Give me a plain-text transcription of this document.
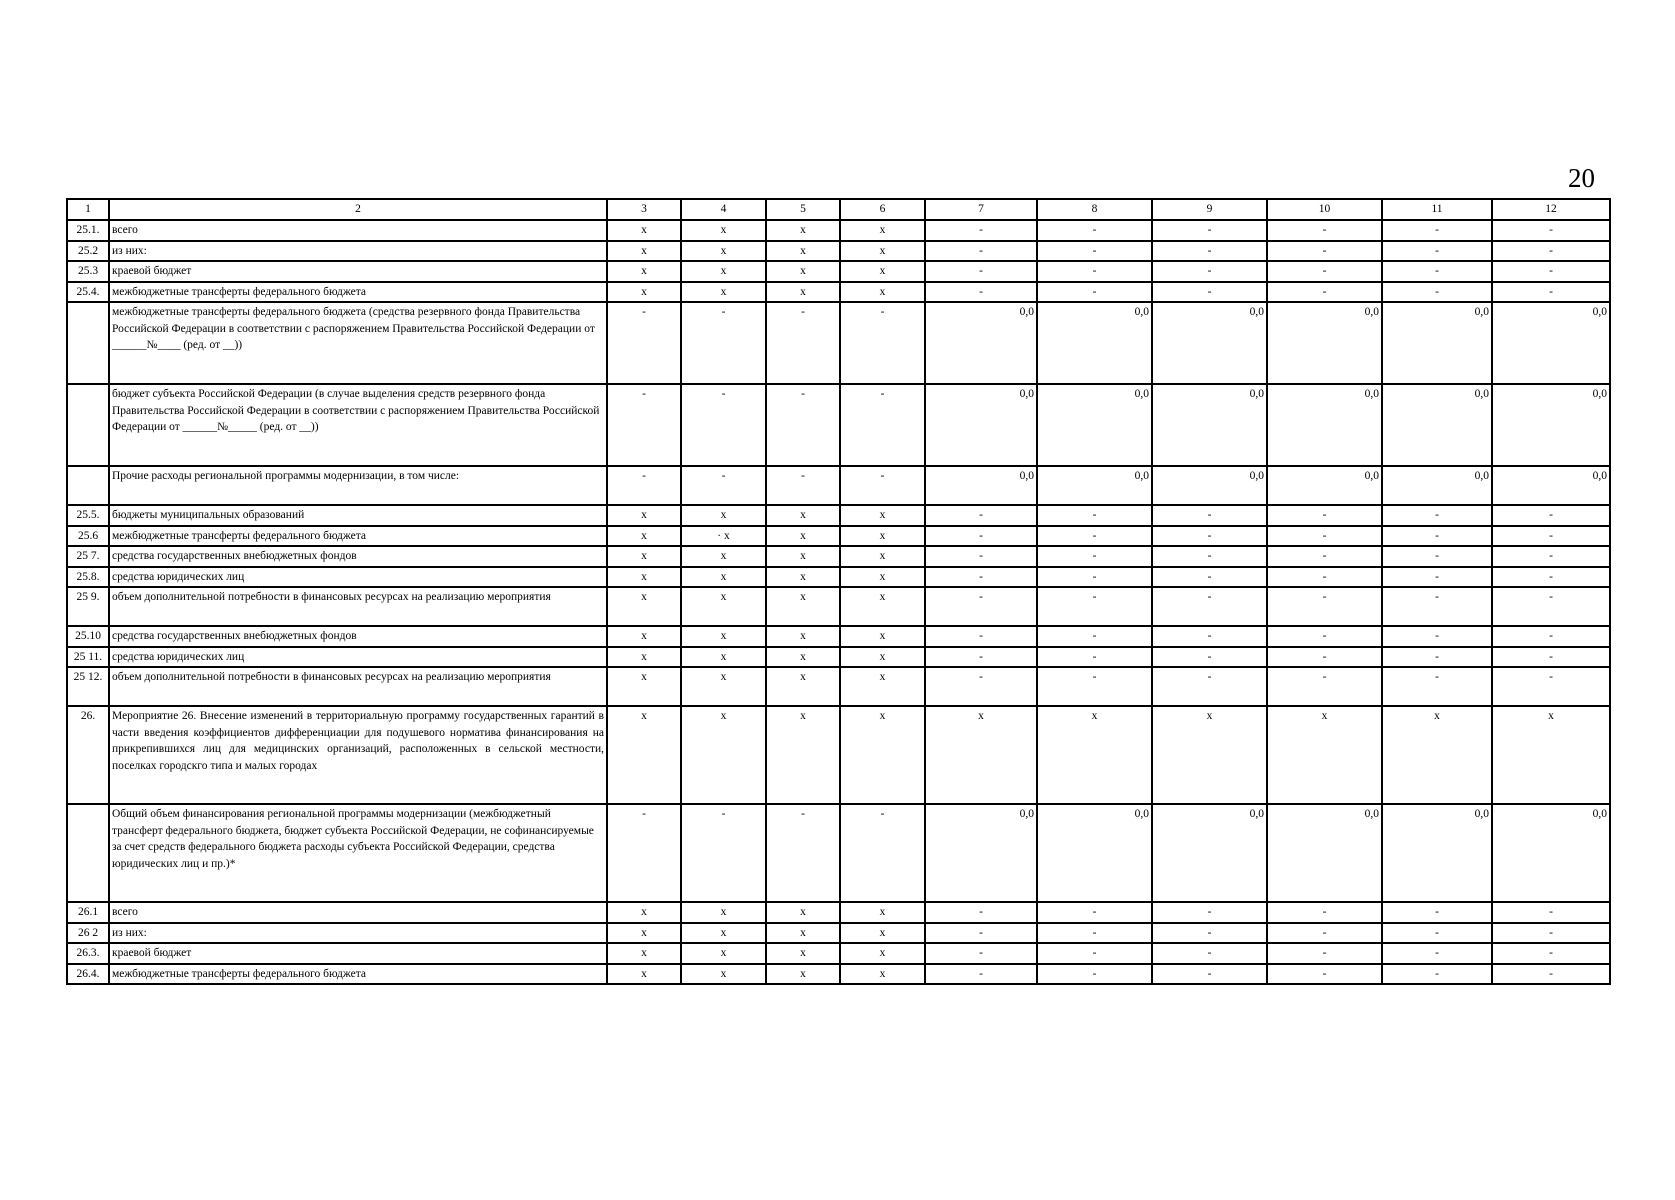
20
1	2	3	4	5	6	7	8	9	10	11	12
25.1.	всего	x	x	x	x	-	-	-	-	-	-
25.2	из них:	x	x	x	x	-	-	-	-	-	-
25.3	краевой бюджет	x	x	x	x	-	-	-	-	-	-
25.4.	межбюджетные трансферты федерального бюджета	x	x	x	x	-	-	-	-	-	-
	межбюджетные трансферты федерального бюджета (средства резервного фонда Правительства Российской Федерации в соответствии с распоряжением Правительства Российской Федерации от ______№____ (ред. от __))	-	-	-	-	0,0	0,0	0,0	0,0	0,0	0,0
	бюджет субъекта Российской Федерации (в случае выделения средств резервного фонда Правительства Российской Федерации в соответствии с распоряжением Правительства Российской Федерации от ______№_____ (ред. от __))	-	-	-	-	0,0	0,0	0,0	0,0	0,0	0,0
	Прочие расходы региональной программы модернизации, в том числе:	-	-	-	-	0,0	0,0	0,0	0,0	0,0	0,0
25.5.	бюджеты муниципальных образований	x	x	x	x	-	-	-	-	-	-
25.6	межбюджетные трансферты федерального бюджета	x	· x	x	x	-	-	-	-	-	-
25 7.	средства государственных внебюджетных фондов	x	x	x	x	-	-	-	-	-	-
25.8.	средства юридических лиц	x	x	x	x	-	-	-	-	-	-
25 9.	объем дополнительной потребности в финансовых ресурсах на реализацию мероприятия	x	x	x	x	-	-	-	-	-	-
25.10	средства государственных внебюджетных фондов	x	x	x	x	-	-	-	-	-	-
25 11.	средства юридических лиц	x	x	x	x	-	-	-	-	-	-
25 12.	объем дополнительной потребности в финансовых ресурсах на реализацию мероприятия	x	x	x	x	-	-	-	-	-	-
26.	Мероприятие 26. Внесение изменений в территориальную программу государственных гарантий в части введения коэффициентов дифференциации для подушевого норматива финансирования на прикрепившихся лиц для медицинских организаций, расположенных в сельской местности, поселках городскго типа и малых городах	x	x	x	x	x	x	x	x	x	x
	Общий объем финансирования региональной программы модернизации (межбюджетный трансферт федерального бюджета, бюджет субъекта Российской Федерации, не софинансируемые за счет средств федерального бюджета расходы субъекта Российской Федерации, средства юридических лиц и пр.)*	-	-	-	-	0,0	0,0	0,0	0,0	0,0	0,0
26.1	всего	x	x	x	x	-	-	-	-	-	-
26 2	из них:	x	x	x	x	-	-	-	-	-	-
26.3.	краевой бюджет	x	x	x	x	-	-	-	-	-	-
26.4.	межбюджетные трансферты федерального бюджета	x	x	x	x	-	-	-	-	-	-
